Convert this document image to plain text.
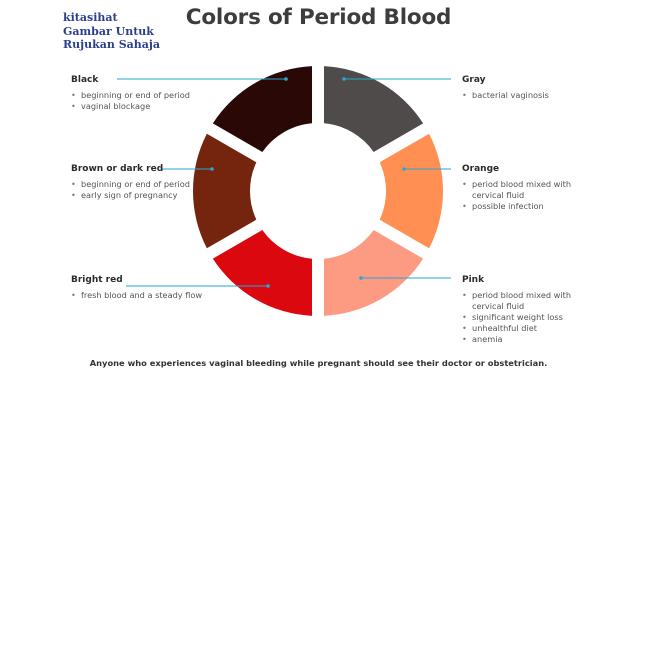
kitasihat
Gambar Untuk
Rujukan Sahaja
Colors of Period Blood
Black
• beginning or end of period
• vaginal blockage
Brown or dark red
• beginning or end of period
• early sign of pregnancy
Bright red
• fresh blood and a steady flow
Gray
• bacterial vaginosis
Orange
• period blood mixed with cervical fluid
• possible infection
Pink
• period blood mixed with cervical fluid
• significant weight loss
• unhealthful diet
• anemia
Anyone who experiences vaginal bleeding while pregnant should see their doctor or obstetrician.
